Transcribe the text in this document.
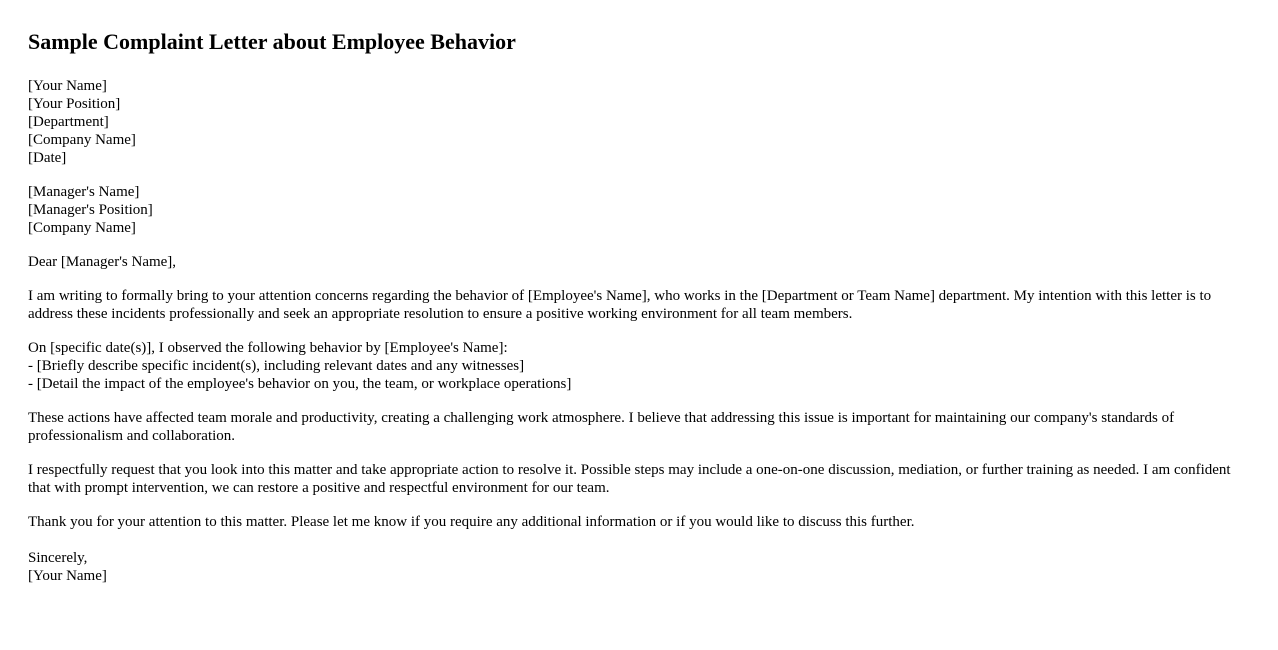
Sample Complaint Letter about Employee Behavior
[Your Name]
[Your Position]
[Department]
[Company Name]
[Date]
[Manager's Name]
[Manager's Position]
[Company Name]
Dear [Manager's Name],
I am writing to formally bring to your attention concerns regarding the behavior of [Employee's Name], who works in the [Department or Team Name] department. My intention with this letter is to address these incidents professionally and seek an appropriate resolution to ensure a positive working environment for all team members.
On [specific date(s)], I observed the following behavior by [Employee's Name]:
- [Briefly describe specific incident(s), including relevant dates and any witnesses]
- [Detail the impact of the employee's behavior on you, the team, or workplace operations]
These actions have affected team morale and productivity, creating a challenging work atmosphere. I believe that addressing this issue is important for maintaining our company's standards of professionalism and collaboration.
I respectfully request that you look into this matter and take appropriate action to resolve it. Possible steps may include a one-on-one discussion, mediation, or further training as needed. I am confident that with prompt intervention, we can restore a positive and respectful environment for our team.
Thank you for your attention to this matter. Please let me know if you require any additional information or if you would like to discuss this further.
Sincerely,
[Your Name]
